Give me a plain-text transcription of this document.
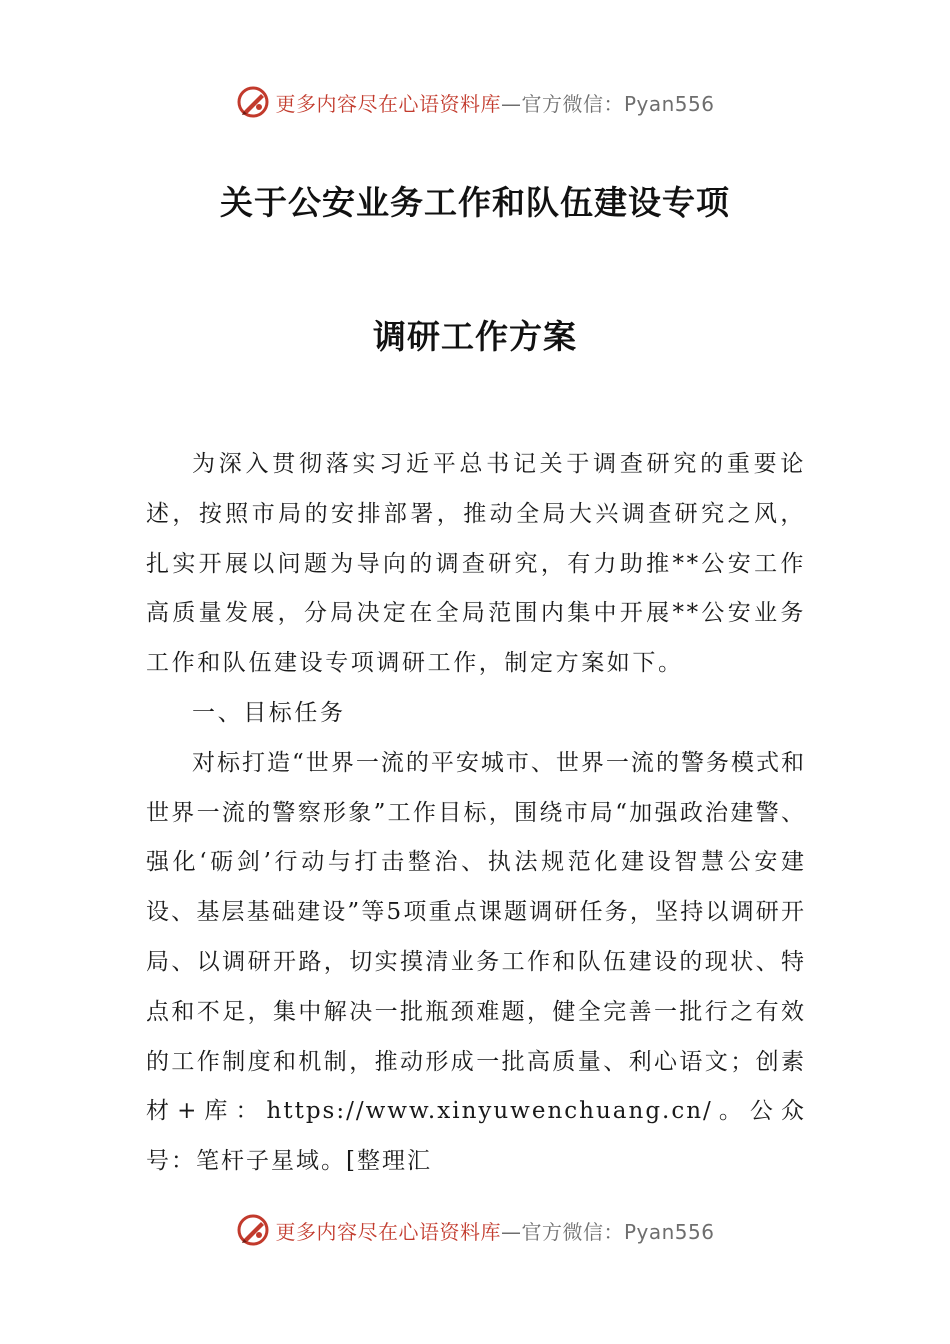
更多内容尽在心语资料库—官方微信：Pyan556
关于公安业务工作和队伍建设专项
调研工作方案

为深入贯彻落实习近平总书记关于调查研究的重要论述，按照市局的安排部署，推动全局大兴调查研究之风，扎实开展以问题为导向的调查研究，有力助推**公安工作高质量发展，分局决定在全局范围内集中开展**公安业务工作和队伍建设专项调研工作，制定方案如下。

一、目标任务

对标打造“世界一流的平安城市、世界一流的警务模式和世界一流的警察形象”工作目标，围绕市局“加强政治建警、强化‘砺剑’行动与打击整治、执法规范化建设智慧公安建设、基层基础建设”等5项重点课题调研任务，坚持以调研开局、以调研开路，切实摸清业务工作和队伍建设的现状、特点和不足，集中解决一批瓶颈难题，健全完善一批行之有效的工作制度和机制，推动形成一批高质量、利心语文；创素材+库：https://www.xinyuwenchuang.cn/。公众号：笔杆子星域。[整理汇

更多内容尽在心语资料库—官方微信：Pyan556
